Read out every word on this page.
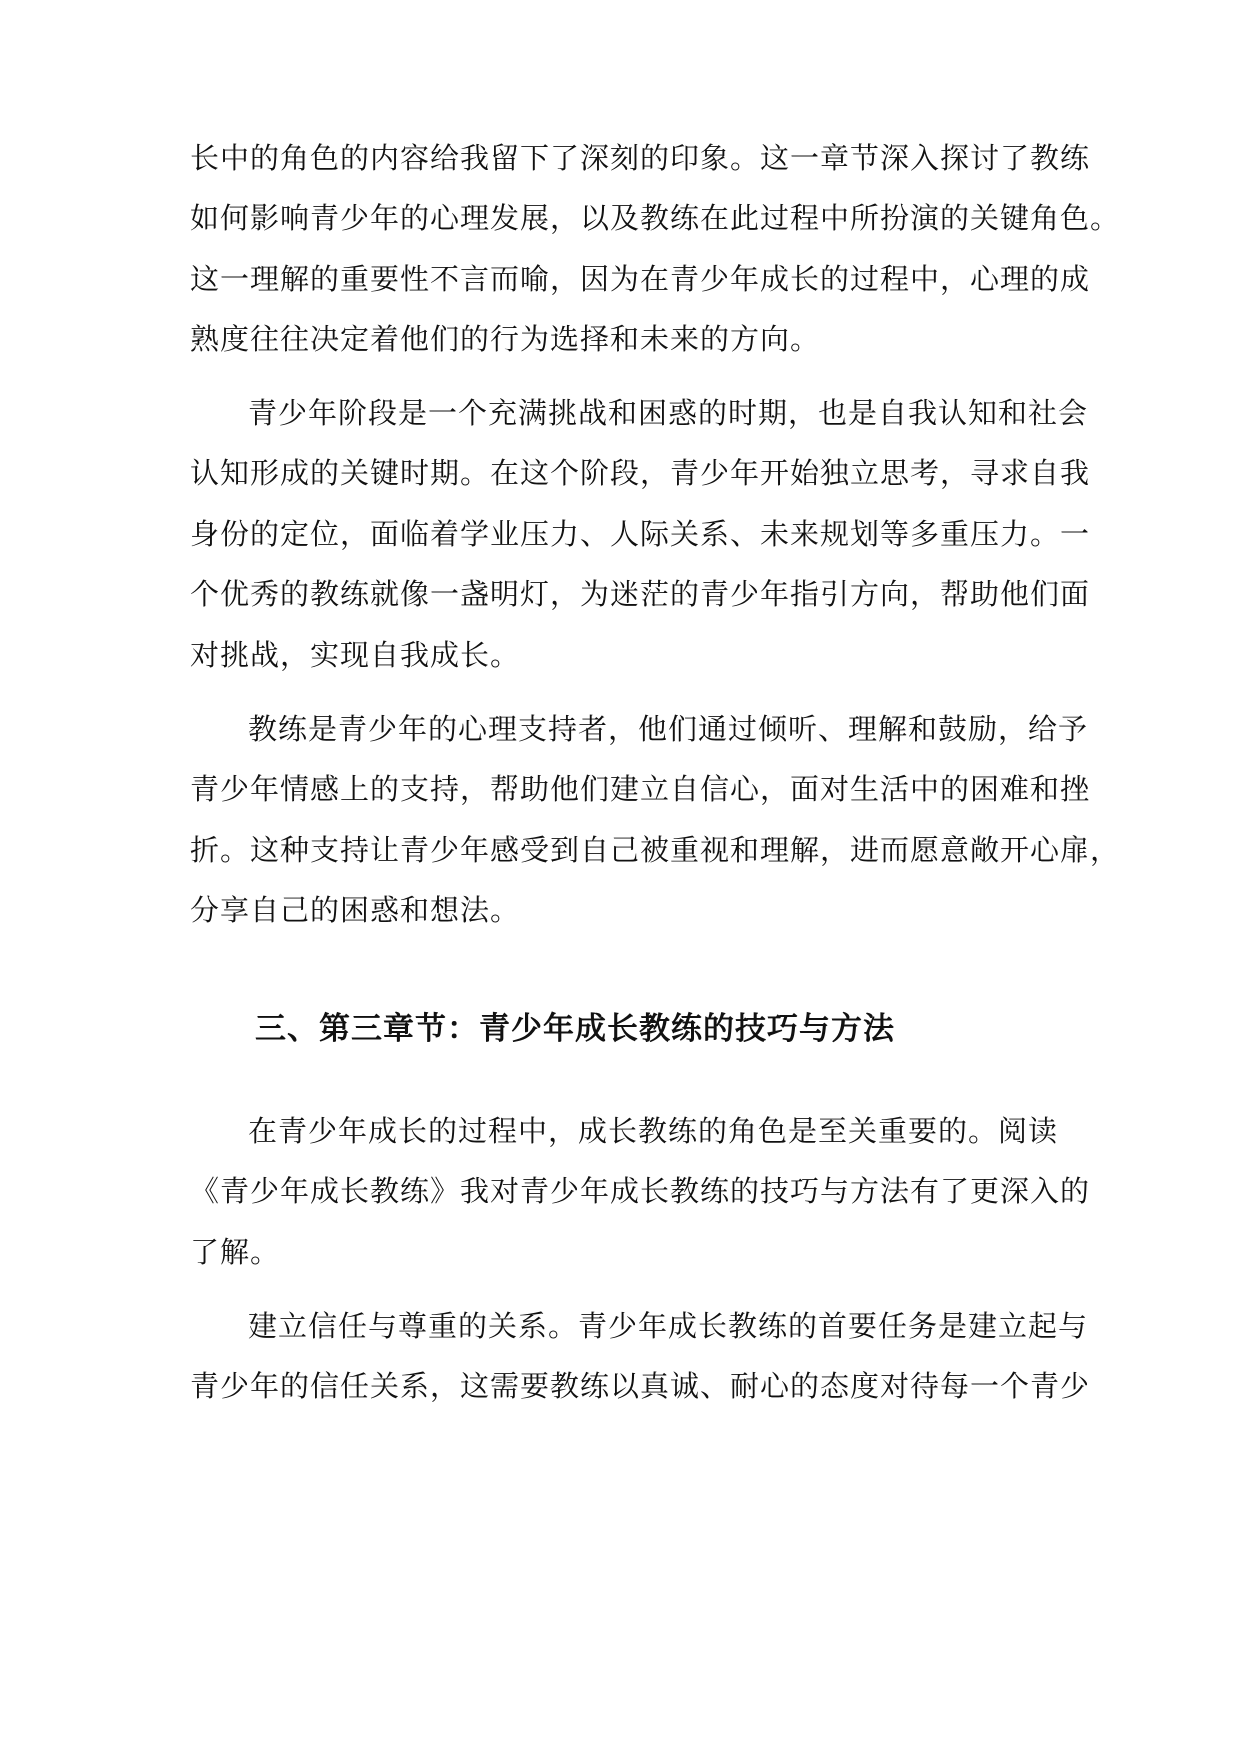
长中的角色的内容给我留下了深刻的印象。这一章节深入探讨了教练
如何影响青少年的心理发展，以及教练在此过程中所扮演的关键角色。
这一理解的重要性不言而喻，因为在青少年成长的过程中，心理的成
熟度往往决定着他们的行为选择和未来的方向。
青少年阶段是一个充满挑战和困惑的时期，也是自我认知和社会
认知形成的关键时期。在这个阶段，青少年开始独立思考，寻求自我
身份的定位，面临着学业压力、人际关系、未来规划等多重压力。一
个优秀的教练就像一盏明灯，为迷茫的青少年指引方向，帮助他们面
对挑战，实现自我成长。
教练是青少年的心理支持者，他们通过倾听、理解和鼓励，给予
青少年情感上的支持，帮助他们建立自信心，面对生活中的困难和挫
折。这种支持让青少年感受到自己被重视和理解，进而愿意敞开心扉，
分享自己的困惑和想法。
三、第三章节：青少年成长教练的技巧与方法
在青少年成长的过程中，成长教练的角色是至关重要的。阅读
《青少年成长教练》我对青少年成长教练的技巧与方法有了更深入的
了解。
建立信任与尊重的关系。青少年成长教练的首要任务是建立起与
青少年的信任关系，这需要教练以真诚、耐心的态度对待每一个青少
